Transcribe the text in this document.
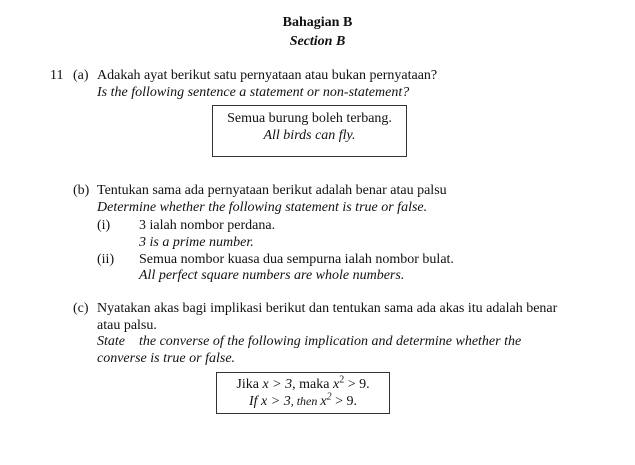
Bahagian B
Section B
11 (a) Adakah ayat berikut satu pernyataan atau bukan pernyataan?
Is the following sentence a statement or non-statement?
Semua burung boleh terbang.
All birds can fly.
(b) Tentukan sama ada pernyataan berikut adalah benar atau palsu
Determine whether the following statement is true or false.
(i) 3 ialah nombor perdana.
3 is a prime number.
(ii) Semua nombor kuasa dua sempurna ialah nombor bulat.
All perfect square numbers are whole numbers.
(c) Nyatakan akas bagi implikasi berikut dan tentukan sama ada akas itu adalah benar
atau palsu.
State    the converse of the following implication and determine whether the
converse is true or false.
Jika x > 3, maka $x^2 > 9$.
If x > 3, then $x^2 > 9$.
